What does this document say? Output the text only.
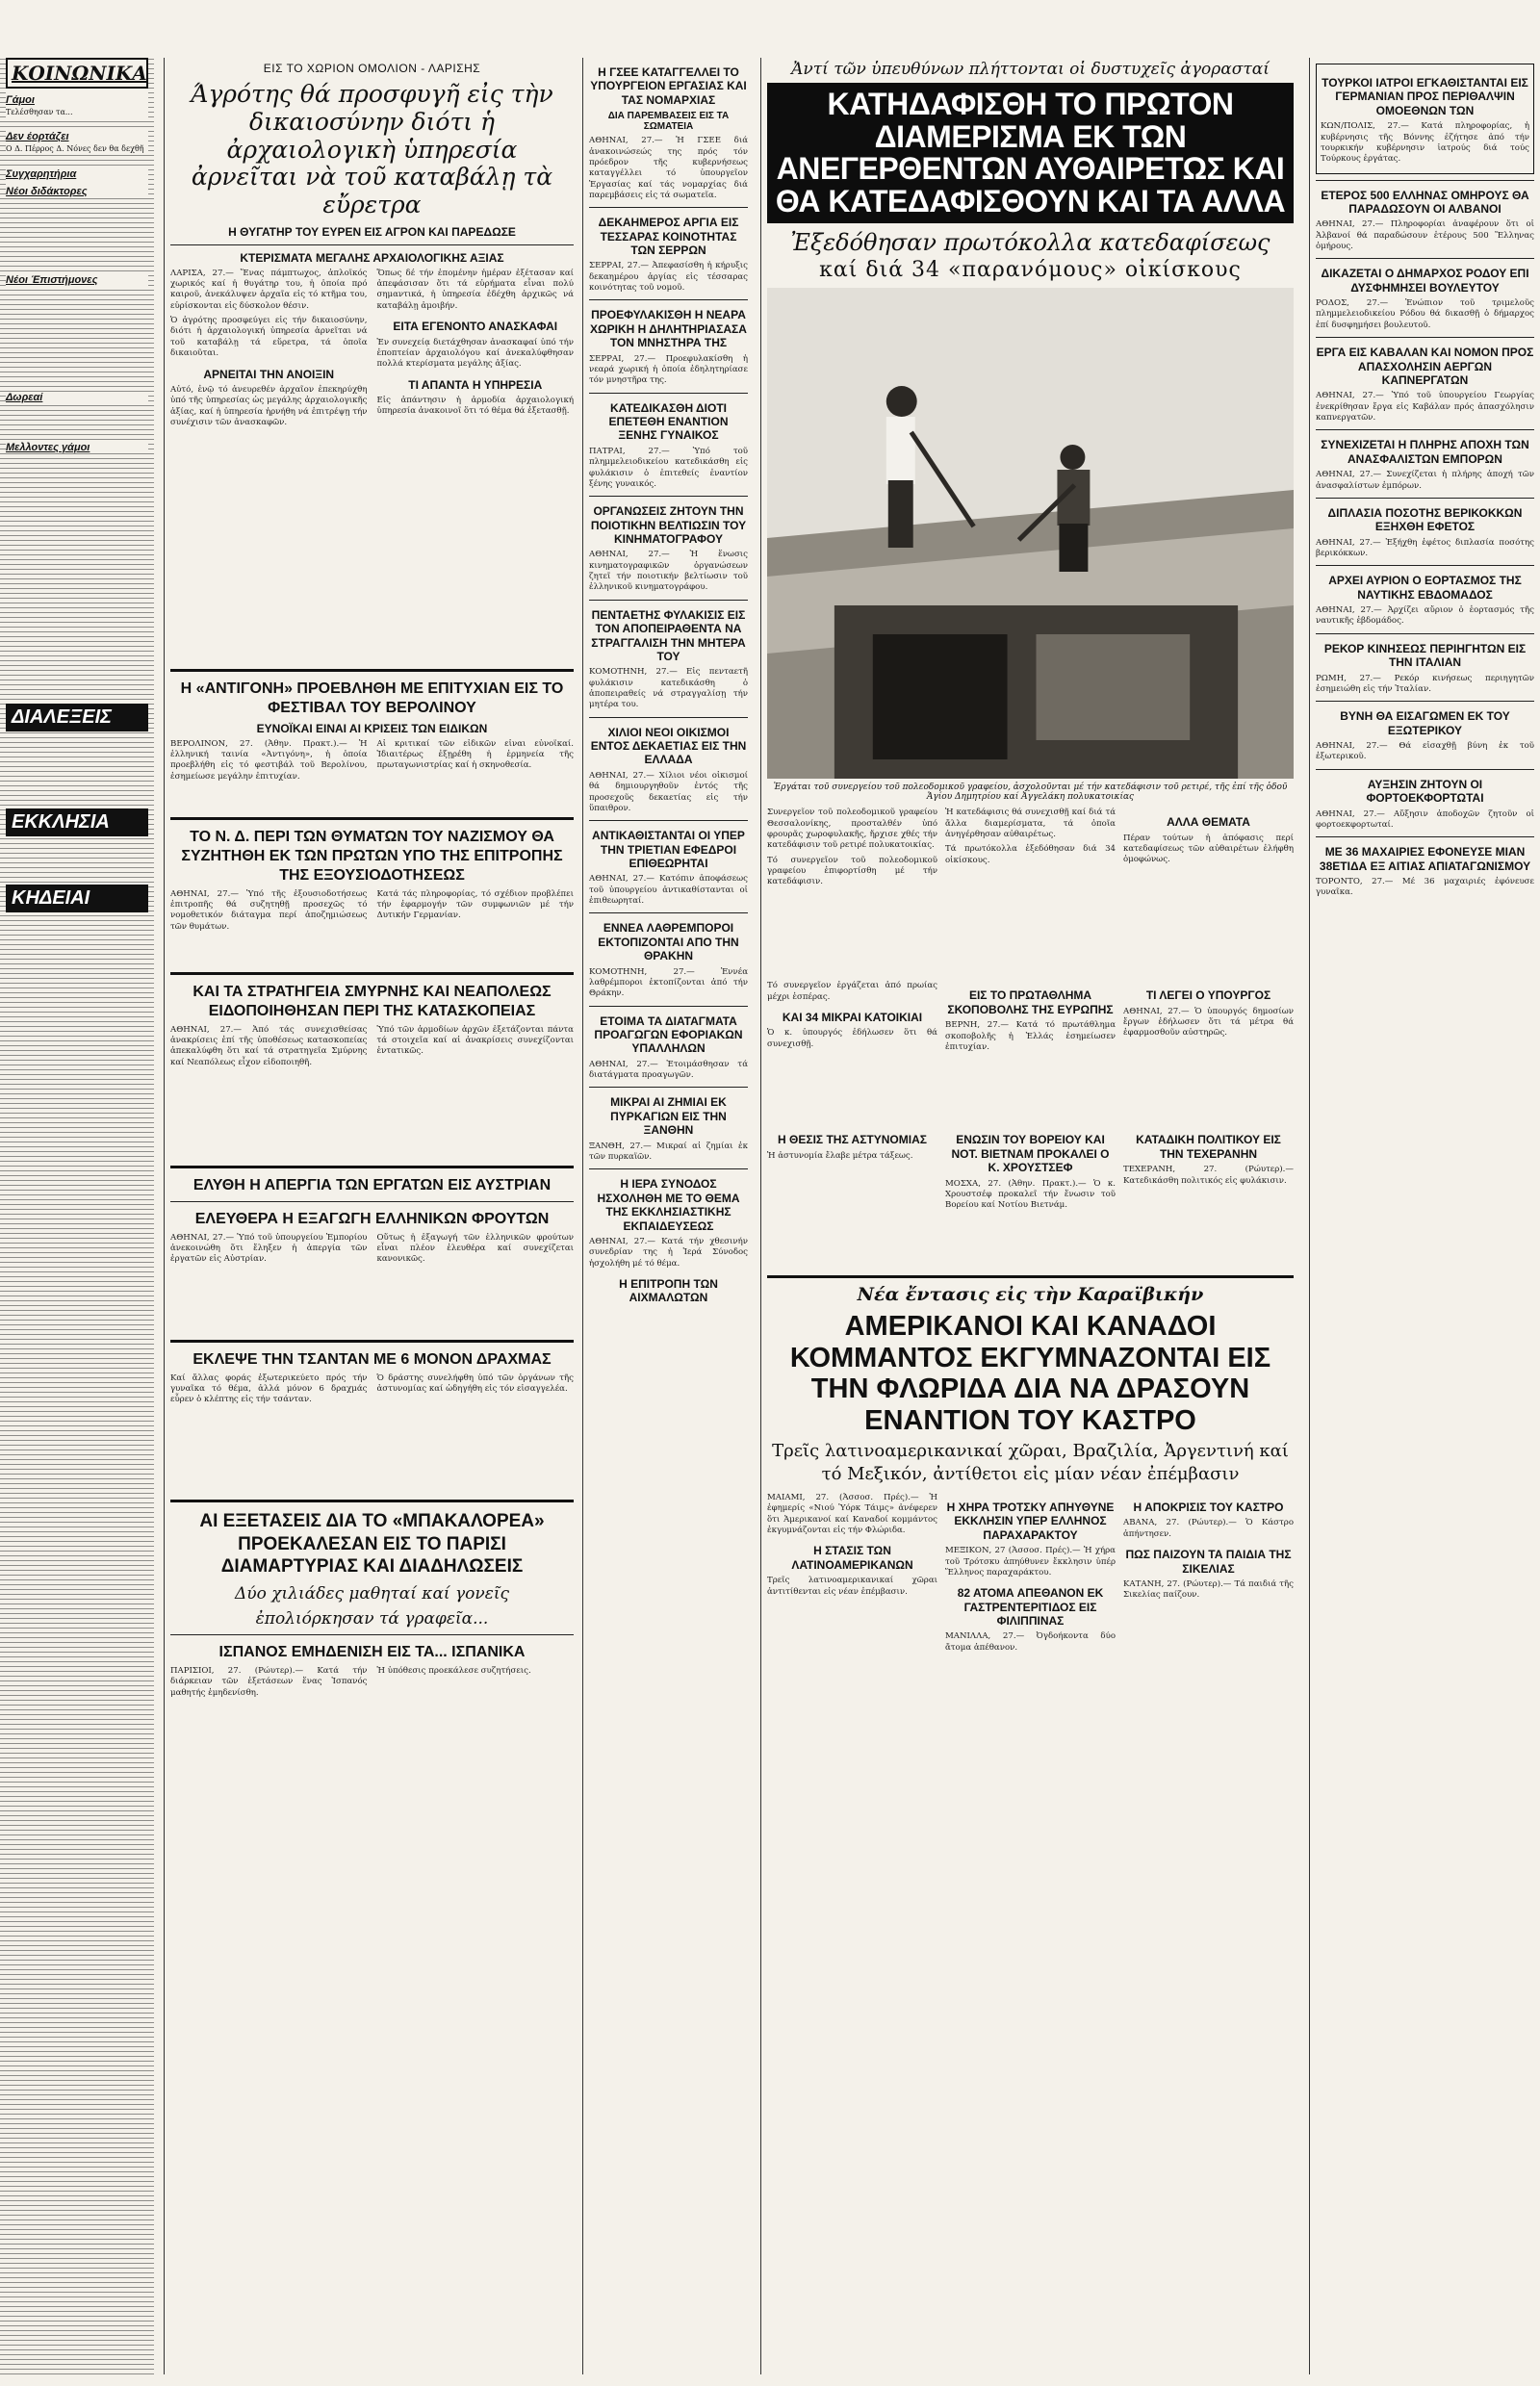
ΚΟΙΝΩΝΙΚΑ
Γάμοι
Τελέσθησαν τα...
Δεν έορτάζει
Ο Δ. Πέρρος Δ. Νόνες δεν θα δεχθῆ
Συγχαρητήρια
Νέοι διδάκτορες
Νέοι Έπιστήμονες
Δωρεαί
Μελλοντες γάμοι
ΔΙΑΛΕΞΕΙΣ
ΕΚΚΛΗΣΙΑ
ΚΗΔΕΙΑΙ
ΕΙΣ ΤΟ ΧΩΡΙΟΝ ΟΜΟΛΙΟΝ - ΛΑΡΙΣΗΣ
Άγρότης θά προσφυγῆ εἰς τὴν δικαιοσύνην διότι ἡ ἀρχαιολογικὴ ὑπηρεσία ἀρνεῖται νὰ τοῦ καταβάλῃ τὰ εὔρετρα
Η ΘΥΓΑΤΗΡ ΤΟΥ ΕΥΡΕΝ ΕΙΣ ΑΓΡΟΝ ΚΑΙ ΠΑΡΕΔΩΣΕ
ΚΤΕΡΙΣΜΑΤΑ ΜΕΓΑΛΗΣ ΑΡΧΑΙΟΛΟΓΙΚΗΣ ΑΞΙΑΣ

ΛΑΡΙΣΑ, 27.— Ἕνας πάμπτωχος, ἀπλοϊκός χωρικός καί ἡ θυγάτηρ του, ἡ ὁποία πρό καιροῦ, ἀνεκάλυψεν ἀρχαῖα εἰς τό κτῆμα του, εὑρίσκονται εἰς δύσκολον θέσιν.

Ὁ ἀγρότης προσφεύγει εἰς τήν δικαιοσύνην, διότι ἡ ἀρχαιολογική ὑπηρεσία ἀρνεῖται νά τοῦ καταβάλῃ τά εὕρετρα, τά ὁποῖα δικαιοῦται.

ΑΡΝΕΙΤΑΙ ΤΗΝ ΑΝΟΙΞΙΝ

Αὐτό, ἐνῷ τό ἀνευρεθέν ἀρχαῖον ἐπεκηρύχθη ὑπό τῆς ὑπηρεσίας ὡς μεγάλης ἀρχαιολογικῆς ἀξίας, καί ἡ ὑπηρεσία ἠρνήθη νά ἐπιτρέψῃ τήν συνέχισιν τῶν ἀνασκαφῶν.

Ὅπως δέ τήν ἐπομένην ἡμέραν ἐξέτασαν καί ἀπεφάσισαν ὅτι τά εὑρήματα εἶναι πολύ σημαντικά, ἡ ὑπηρεσία ἐδέχθη ἀρχικῶς νά καταβάλῃ ἀμοιβήν.

ΕΙΤΑ ΕΓΕΝΟΝΤΟ ΑΝΑΣΚΑΦΑΙ

Ἐν συνεχείᾳ διετάχθησαν ἀνασκαφαί ὑπό τήν ἐποπτείαν ἀρχαιολόγου καί ἀνεκαλύφθησαν πολλά κτερίσματα μεγάλης ἀξίας.

ΤΙ ΑΠΑΝΤΑ Η ΥΠΗΡΕΣΙΑ

Εἰς ἀπάντησιν ἡ ἀρμοδία ἀρχαιολογική ὑπηρεσία ἀνακοινοῖ ὅτι τό θέμα θά ἐξετασθῇ.

Η «ΑΝΤΙΓΟΝΗ» ΠΡΟΕΒΛΗΘΗ ΜΕ ΕΠΙΤΥΧΙΑΝ ΕΙΣ ΤΟ ΦΕΣΤΙΒΑΛ ΤΟΥ ΒΕΡΟΛΙΝΟΥ
ΕΥΝΟΪΚΑΙ ΕΙΝΑΙ ΑΙ ΚΡΙΣΕΙΣ ΤΩΝ ΕΙΔΙΚΩΝ

ΒΕΡΟΛΙΝΟΝ, 27. (Ἀθην. Πρακτ.).— Ἡ ἑλληνική ταινία «Ἀντιγόνη», ἡ ὁποία προεβλήθη εἰς τό φεστιβάλ τοῦ Βερολίνου, ἐσημείωσε μεγάλην ἐπιτυχίαν.

Αἱ κριτικαί τῶν εἰδικῶν εἶναι εὐνοϊκαί. Ἰδιαιτέρως ἐξῃρέθη ἡ ἑρμηνεία τῆς πρωταγωνιστρίας καί ἡ σκηνοθεσία.

ΤΟ Ν. Δ. ΠΕΡΙ ΤΩΝ ΘΥΜΑΤΩΝ ΤΟΥ ΝΑΖΙΣΜΟΥ ΘΑ ΣΥΖΗΤΗΘΗ ΕΚ ΤΩΝ ΠΡΩΤΩΝ ΥΠΟ ΤΗΣ ΕΠΙΤΡΟΠΗΣ ΤΗΣ ΕΞΟΥΣΙΟΔΟΤΗΣΕΩΣ

ΑΘΗΝΑΙ, 27.— Ὑπό τῆς ἐξουσιοδοτήσεως ἐπιτροπῆς θά συζητηθῇ προσεχῶς τό νομοθετικόν διάταγμα περί ἀποζημιώσεως τῶν θυμάτων.

Κατά τάς πληροφορίας, τό σχέδιον προβλέπει τήν ἐφαρμογήν τῶν συμφωνιῶν μέ τήν Δυτικήν Γερμανίαν.

ΚΑΙ ΤΑ ΣΤΡΑΤΗΓΕΙΑ ΣΜΥΡΝΗΣ ΚΑΙ ΝΕΑΠΟΛΕΩΣ ΕΙΔΟΠΟΙΗΘΗΣΑΝ ΠΕΡΙ ΤΗΣ ΚΑΤΑΣΚΟΠΕΙΑΣ

ΑΘΗΝΑΙ, 27.— Ἀπό τάς συνεχισθείσας ἀνακρίσεις ἐπί τῆς ὑποθέσεως κατασκοπείας ἀπεκαλύφθη ὅτι καί τά στρατηγεῖα Σμύρνης καί Νεαπόλεως εἶχον εἰδοποιηθῆ.

Ὑπό τῶν ἀρμοδίων ἀρχῶν ἐξετάζονται πάντα τά στοιχεῖα καί αἱ ἀνακρίσεις συνεχίζονται ἐντατικῶς.

ΕΛΥΘΗ Η ΑΠΕΡΓΙΑ ΤΩΝ ΕΡΓΑΤΩΝ ΕΙΣ ΑΥΣΤΡΙΑΝ
ΕΛΕΥΘΕΡΑ Η ΕΞΑΓΩΓΗ ΕΛΛΗΝΙΚΩΝ ΦΡΟΥΤΩΝ

ΑΘΗΝΑΙ, 27.— Ὑπό τοῦ ὑπουργείου Ἐμπορίου ἀνεκοινώθη ὅτι ἔληξεν ἡ ἀπεργία τῶν ἐργατῶν εἰς Αὐστρίαν.

Οὕτως ἡ ἐξαγωγή τῶν ἑλληνικῶν φρούτων εἶναι πλέον ἐλευθέρα καί συνεχίζεται κανονικῶς.

ΕΚΛΕΨΕ ΤΗΝ ΤΣΑΝΤΑΝ ΜΕ 6 ΜΟΝΟΝ ΔΡΑΧΜΑΣ

Καί ἄλλας φοράς ἐξωτερικεύετο πρός τήν γυναῖκα τό θέμα, ἀλλά μόνον 6 δραχμάς εὗρεν ὁ κλέπτης εἰς τήν τσάνταν.

Ὁ δράστης συνελήφθη ὑπό τῶν ὀργάνων τῆς ἀστυνομίας καί ὡδηγήθη εἰς τόν εἰσαγγελέα.

ΑΙ ΕΞΕΤΑΣΕΙΣ ΔΙΑ ΤΟ «ΜΠΑΚΑΛΟΡΕΑ» ΠΡΟΕΚΑΛΕΣΑΝ ΕΙΣ ΤΟ ΠΑΡΙΣΙ ΔΙΑΜΑΡΤΥΡΙΑΣ ΚΑΙ ΔΙΑΔΗΛΩΣΕΙΣ
Δύο χιλιάδες μαθηταί καί γονεῖς
ἐπολιόρκησαν τά γραφεῖα...
ΙΣΠΑΝΟΣ ΕΜΗΔΕΝΙΣΗ ΕΙΣ ΤΑ... ΙΣΠΑΝΙΚΑ

ΠΑΡΙΣΙΟΙ, 27. (Ρώυτερ).— Κατά τήν διάρκειαν τῶν ἐξετάσεων ἕνας Ἰσπανός μαθητής ἐμηδενίσθη.

Ἡ ὑπόθεσις προεκάλεσε συζητήσεις.

Η ΓΣΕΕ ΚΑΤΑΓΓΕΛΛΕΙ ΤΟ ΥΠΟΥΡΓΕΙΟΝ ΕΡΓΑΣΙΑΣ ΚΑΙ ΤΑΣ ΝΟΜΑΡΧΙΑΣ
ΔΙΑ ΠΑΡΕΜΒΑΣΕΙΣ ΕΙΣ ΤΑ ΣΩΜΑΤΕΙΑ

ΑΘΗΝΑΙ, 27.— Ἡ ΓΣΕΕ διά ἀνακοινώσεώς της πρός τόν πρόεδρον τῆς κυβερνήσεως καταγγέλλει τό ὑπουργεῖον Ἐργασίας καί τάς νομαρχίας διά παρεμβάσεις εἰς τά σωματεῖα.

ΔΕΚΑΗΜΕΡΟΣ ΑΡΓΙΑ ΕΙΣ ΤΕΣΣΑΡΑΣ ΚΟΙΝΟΤΗΤΑΣ ΤΩΝ ΣΕΡΡΩΝ

ΣΕΡΡΑΙ, 27.— Ἀπεφασίσθη ἡ κήρυξις δεκαημέρου ἀργίας εἰς τέσσαρας κοινότητας τοῦ νομοῦ.

ΠΡΟΕΦΥΛΑΚΙΣΘΗ Η ΝΕΑΡΑ ΧΩΡΙΚΗ Η ΔΗΛΗΤΗΡΙΑΣΑΣΑ ΤΟΝ ΜΝΗΣΤΗΡΑ ΤΗΣ

ΣΕΡΡΑΙ, 27.— Προεφυλακίσθη ἡ νεαρά χωρική ἡ ὁποία ἐδηλητηρίασε τόν μνηστῆρα της.

ΚΑΤΕΔΙΚΑΣΘΗ ΔΙΟΤΙ ΕΠΕΤΕΘΗ ΕΝΑΝΤΙΟΝ ΞΕΝΗΣ ΓΥΝΑΙΚΟΣ

ΠΑΤΡΑΙ, 27.— Ὑπό τοῦ πλημμελειοδικείου κατεδικάσθη εἰς φυλάκισιν ὁ ἐπιτεθείς ἐναντίον ξένης γυναικός.

ΟΡΓΑΝΩΣΕΙΣ ΖΗΤΟΥΝ ΤΗΝ ΠΟΙΟΤΙΚΗΝ ΒΕΛΤΙΩΣΙΝ ΤΟΥ ΚΙΝΗΜΑΤΟΓΡΑΦΟΥ

ΑΘΗΝΑΙ, 27.— Ἡ ἕνωσις κινηματογραφικῶν ὀργανώσεων ζητεῖ τήν ποιοτικήν βελτίωσιν τοῦ ἑλληνικοῦ κινηματογράφου.

ΠΕΝΤΑΕΤΗΣ ΦΥΛΑΚΙΣΙΣ ΕΙΣ ΤΟΝ ΑΠΟΠΕΙΡΑΘΕΝΤΑ ΝΑ ΣΤΡΑΓΓΑΛΙΣΗ ΤΗΝ ΜΗΤΕΡΑ ΤΟΥ

ΚΟΜΟΤΗΝΗ, 27.— Εἰς πενταετῆ φυλάκισιν κατεδικάσθη ὁ ἀποπειραθείς νά στραγγαλίσῃ τήν μητέρα του.

ΧΙΛΙΟΙ ΝΕΟΙ ΟΙΚΙΣΜΟΙ ΕΝΤΟΣ ΔΕΚΑΕΤΙΑΣ ΕΙΣ ΤΗΝ ΕΛΛΑΔΑ

ΑΘΗΝΑΙ, 27.— Χίλιοι νέοι οἰκισμοί θά δημιουργηθοῦν ἐντός τῆς προσεχοῦς δεκαετίας εἰς τήν ὕπαιθρον.

ΑΝΤΙΚΑΘΙΣΤΑΝΤΑΙ ΟΙ ΥΠΕΡ ΤΗΝ ΤΡΙΕΤΙΑΝ ΕΦΕΔΡΟΙ ΕΠΙΘΕΩΡΗΤΑΙ

ΑΘΗΝΑΙ, 27.— Κατόπιν ἀποφάσεως τοῦ ὑπουργείου ἀντικαθίστανται οἱ ἐπιθεωρηταί.

ΕΝΝΕΑ ΛΑΘΡΕΜΠΟΡΟΙ ΕΚΤΟΠΙΖΟΝΤΑΙ ΑΠΟ ΤΗΝ ΘΡΑΚΗΝ

ΚΟΜΟΤΗΝΗ, 27.— Ἐννέα λαθρέμποροι ἐκτοπίζονται ἀπό τήν Θράκην.

ΕΤΟΙΜΑ ΤΑ ΔΙΑΤΑΓΜΑΤΑ ΠΡΟΑΓΩΓΩΝ ΕΦΟΡΙΑΚΩΝ ΥΠΑΛΛΗΛΩΝ

ΑΘΗΝΑΙ, 27.— Ἐτοιμάσθησαν τά διατάγματα προαγωγῶν.

ΜΙΚΡΑΙ ΑΙ ΖΗΜΙΑΙ ΕΚ ΠΥΡΚΑΓΙΩΝ ΕΙΣ ΤΗΝ ΞΑΝΘΗΝ

ΞΑΝΘΗ, 27.— Μικραί αἱ ζημίαι ἐκ τῶν πυρκαϊῶν.

Η ΙΕΡΑ ΣΥΝΟΔΟΣ ΗΣΧΟΛΗΘΗ ΜΕ ΤΟ ΘΕΜΑ ΤΗΣ ΕΚΚΛΗΣΙΑΣΤΙΚΗΣ ΕΚΠΑΙΔΕΥΣΕΩΣ

ΑΘΗΝΑΙ, 27.— Κατά τήν χθεσινήν συνεδρίαν της ἡ Ἱερά Σύνοδος ἠσχολήθη μέ τό θέμα.

Η ΕΠΙΤΡΟΠΗ ΤΩΝ ΑΙΧΜΑΛΩΤΩΝ
Ἀντί τῶν ὑπευθύνων πλήττονται οἱ δυστυχεῖς ἀγορασταί
ΚΑΤΗΔΑΦΙΣΘΗ ΤΟ ΠΡΩΤΟΝ ΔΙΑΜΕΡΙΣΜΑ ΕΚ ΤΩΝ ΑΝΕΓΕΡΘΕΝΤΩΝ ΑΥΘΑΙΡΕΤΩΣ ΚΑΙ ΘΑ ΚΑΤΕΔΑΦΙΣΘΟΥΝ ΚΑΙ ΤΑ ΑΛΛΑ
Ἐξεδόθησαν πρωτόκολλα κατεδαφίσεως
καί διά 34 «παρανόμους» οἰκίσκους
Ἐργάται τοῦ συνεργείου τοῦ πολεοδομικοῦ γραφείου, ἀσχολοῦνται μέ τήν κατεδάφισιν τοῦ ρετιρέ, τῆς ἐπί τῆς ὁδοῦ Ἁγίου Δημητρίου καί Ἀγγελάκη πολυκατοικίας

Συνεργεῖον τοῦ πολεοδομικοῦ γραφείου Θεσσαλονίκης, προσταλθέν ὑπό φρουρᾶς χωροφυλακῆς, ἤρχισε χθές τήν κατεδάφισιν τοῦ ρετιρέ πολυκατοικίας.

Τό συνεργεῖον τοῦ πολεοδομικοῦ γραφείου ἐπιφορτίσθη μέ τήν κατεδάφισιν.

Ἡ κατεδάφισις θά συνεχισθῇ καί διά τά ἄλλα διαμερίσματα, τά ὁποῖα ἀνηγέρθησαν αὐθαιρέτως.

Τά πρωτόκολλα ἐξεδόθησαν διά 34 οἰκίσκους.

ΑΛΛΑ ΘΕΜΑΤΑ

Πέραν τούτων ἡ ἀπόφασις περί κατεδαφίσεως τῶν αὐθαιρέτων ἐλήφθη ὁμοφώνως.

Τό συνεργεῖον ἐργάζεται ἀπό πρωίας μέχρι ἑσπέρας.

ΚΑΙ 34 ΜΙΚΡΑΙ ΚΑΤΟΙΚΙΑΙ

Ὁ κ. ὑπουργός ἐδήλωσεν ὅτι θά συνεχισθῇ.

ΕΙΣ ΤΟ ΠΡΩΤΑΘΛΗΜΑ ΣΚΟΠΟΒΟΛΗΣ ΤΗΣ ΕΥΡΩΠΗΣ

ΒΕΡΝΗ, 27.— Κατά τό πρωτάθλημα σκοποβολῆς ἡ Ἑλλάς ἐσημείωσεν ἐπιτυχίαν.

ΤΙ ΛΕΓΕΙ Ο ΥΠΟΥΡΓΟΣ

ΑΘΗΝΑΙ, 27.— Ὁ ὑπουργός δημοσίων ἔργων ἐδήλωσεν ὅτι τά μέτρα θά ἐφαρμοσθοῦν αὐστηρῶς.

Η ΘΕΣΙΣ ΤΗΣ ΑΣΤΥΝΟΜΙΑΣ

Ἡ ἀστυνομία ἔλαβε μέτρα τάξεως.

ΕΝΩΣΙΝ ΤΟΥ ΒΟΡΕΙΟΥ ΚΑΙ ΝΟΤ. ΒΙΕΤΝΑΜ ΠΡΟΚΑΛΕΙ Ο Κ. ΧΡΟΥΣΤΣΕΦ

ΜΟΣΧΑ, 27. (Ἀθην. Πρακτ.).— Ὁ κ. Χρουστσέφ προκαλεῖ τήν ἕνωσιν τοῦ Βορείου καί Νοτίου Βιετνάμ.

ΚΑΤΑΔΙΚΗ ΠΟΛΙΤΙΚΟΥ ΕΙΣ ΤΗΝ ΤΕΧΕΡΑΝΗΝ

ΤΕΧΕΡΑΝΗ, 27. (Ρώυτερ).— Κατεδικάσθη πολιτικός εἰς φυλάκισιν.

Νέα ἔντασις εἰς τὴν Καραϊβικήν
ΑΜΕΡΙΚΑΝΟΙ ΚΑΙ ΚΑΝΑΔΟΙ ΚΟΜΜΑΝΤΟΣ ΕΚΓΥΜΝΑΖΟΝΤΑΙ ΕΙΣ ΤΗΝ ΦΛΩΡΙΔΑ ΔΙΑ ΝΑ ΔΡΑΣΟΥΝ ΕΝΑΝΤΙΟΝ ΤΟΥ ΚΑΣΤΡΟ
Τρεῖς λατινοαμερικανικαί χῶραι, Βραζιλία, Ἀργεντινή καί τό Μεξικόν, ἀντίθετοι εἰς μίαν νέαν ἐπέμβασιν

ΜΑΙΑΜΙ, 27. (Ἀσσοσ. Πρές).— Ἡ ἐφημερίς «Νιού Ὑόρκ Τάιμς» ἀνέφερεν ὅτι Ἀμερικανοί καί Καναδοί κομμάντος ἐκγυμνάζονται εἰς τήν Φλώριδα.

Η ΣΤΑΣΙΣ ΤΩΝ ΛΑΤΙΝΟΑΜΕΡΙΚΑΝΩΝ

Τρεῖς λατινοαμερικανικαί χῶραι ἀντιτίθενται εἰς νέαν ἐπέμβασιν.

Η ΧΗΡΑ ΤΡΟΤΣΚΥ ΑΠΗΥΘΥΝΕ ΕΚΚΛΗΣΙΝ ΥΠΕΡ ΕΛΛΗΝΟΣ ΠΑΡΑΧΑΡΑΚΤΟΥ

ΜΕΞΙΚΟΝ, 27 (Ἀσσοσ. Πρές).— Ἡ χήρα τοῦ Τρότσκυ ἀπηύθυνεν ἔκκλησιν ὑπέρ Ἕλληνος παραχαράκτου.

82 ΑΤΟΜΑ ΑΠΕΘΑΝΟΝ ΕΚ ΓΑΣΤΡΕΝΤΕΡΙΤΙΔΟΣ ΕΙΣ ΦΙΛΙΠΠΙΝΑΣ

ΜΑΝΙΛΛΑ, 27.— Ὀγδοήκοντα δύο ἄτομα ἀπέθανον.

Η ΑΠΟΚΡΙΣΙΣ ΤΟΥ ΚΑΣΤΡΟ

ΑΒΑΝΑ, 27. (Ρώυτερ).— Ὁ Κάστρο ἀπήντησεν.

ΠΩΣ ΠΑΙΖΟΥΝ ΤΑ ΠΑΙΔΙΑ ΤΗΣ ΣΙΚΕΛΙΑΣ

ΚΑΤΑΝΗ, 27. (Ρώυτερ).— Τά παιδιά τῆς Σικελίας παίζουν.

ΤΟΥΡΚΟΙ ΙΑΤΡΟΙ ΕΓΚΑΘΙΣΤΑΝΤΑΙ ΕΙΣ ΓΕΡΜΑΝΙΑΝ ΠΡΟΣ ΠΕΡΙΘΑΛΨΙΝ ΟΜΟΕΘΝΩΝ ΤΩΝ

ΚΩΝ/ΠΟΛΙΣ, 27.— Κατά πληροφορίας, ἡ κυβέρνησις τῆς Βόννης ἐζήτησε ἀπό τήν τουρκικήν κυβέρνησιν ἰατρούς διά τούς Τούρκους ἐργάτας.

ΕΤΕΡΟΣ 500 ΕΛΛΗΝΑΣ ΟΜΗΡΟΥΣ ΘΑ ΠΑΡΑΔΩΣΟΥΝ ΟΙ ΑΛΒΑΝΟΙ

ΑΘΗΝΑΙ, 27.— Πληροφορίαι ἀναφέρουν ὅτι οἱ Ἀλβανοί θά παραδώσουν ἑτέρους 500 Ἕλληνας ὁμήρους.

ΔΙΚΑΖΕΤΑΙ Ο ΔΗΜΑΡΧΟΣ ΡΟΔΟΥ ΕΠΙ ΔΥΣΦΗΜΗΣΕΙ ΒΟΥΛΕΥΤΟΥ

ΡΟΔΟΣ, 27.— Ἐνώπιον τοῦ τριμελοῦς πλημμελειοδικείου Ρόδου θά δικασθῇ ὁ δήμαρχος ἐπί δυσφημήσει βουλευτοῦ.

ΕΡΓΑ ΕΙΣ ΚΑΒΑΛΑΝ ΚΑΙ ΝΟΜΟΝ ΠΡΟΣ ΑΠΑΣΧΟΛΗΣΙΝ ΑΕΡΓΩΝ ΚΑΠΝΕΡΓΑΤΩΝ

ΑΘΗΝΑΙ, 27.— Ὑπό τοῦ ὑπουργείου Γεωργίας ἐνεκρίθησαν ἔργα εἰς Καβάλαν πρός ἀπασχόλησιν καπνεργατῶν.

ΣΥΝΕΧΙΖΕΤΑΙ Η ΠΛΗΡΗΣ ΑΠΟΧΗ ΤΩΝ ΑΝΑΣΦΑΛΙΣΤΩΝ ΕΜΠΟΡΩΝ

ΑΘΗΝΑΙ, 27.— Συνεχίζεται ἡ πλήρης ἀποχή τῶν ἀνασφαλίστων ἐμπόρων.

ΔΙΠΛΑΣΙΑ ΠΟΣΟΤΗΣ ΒΕΡΙΚΟΚΚΩΝ ΕΞΗΧΘΗ ΕΦΕΤΟΣ

ΑΘΗΝΑΙ, 27.— Ἐξήχθη ἐφέτος διπλασία ποσότης βερικόκκων.

ΑΡΧΕΙ ΑΥΡΙΟΝ Ο ΕΟΡΤΑΣΜΟΣ ΤΗΣ ΝΑΥΤΙΚΗΣ ΕΒΔΟΜΑΔΟΣ

ΑΘΗΝΑΙ, 27.— Ἀρχίζει αὔριον ὁ ἑορτασμός τῆς ναυτικῆς ἑβδομάδος.

ΡΕΚΟΡ ΚΙΝΗΣΕΩΣ ΠΕΡΙΗΓΗΤΩΝ ΕΙΣ ΤΗΝ ΙΤΑΛΙΑΝ

ΡΩΜΗ, 27.— Ρεκόρ κινήσεως περιηγητῶν ἐσημειώθη εἰς τήν Ἰταλίαν.

ΒΥΝΗ ΘΑ ΕΙΣΑΓΩΜΕΝ ΕΚ ΤΟΥ ΕΞΩΤΕΡΙΚΟΥ

ΑΘΗΝΑΙ, 27.— Θά εἰσαχθῇ βύνη ἐκ τοῦ ἐξωτερικοῦ.

ΑΥΞΗΣΙΝ ΖΗΤΟΥΝ ΟΙ ΦΟΡΤΟΕΚΦΟΡΤΩΤΑΙ

ΑΘΗΝΑΙ, 27.— Αὔξησιν ἀποδοχῶν ζητοῦν οἱ φορτοεκφορτωταί.

ΜΕ 36 ΜΑΧΑΙΡΙΕΣ ΕΦΟΝΕΥΣΕ ΜΙΑΝ 38ΕΤΙΔΑ ΕΞ ΑΙΤΙΑΣ ΑΠΙΑΤΑΓΩΝΙΣΜΟΥ

ΤΟΡΟΝΤΟ, 27.— Μέ 36 μαχαιριές ἐφόνευσε γυναῖκα.
